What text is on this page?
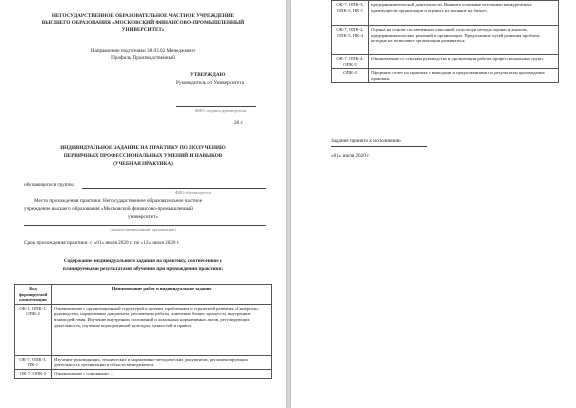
НЕГОСУДАРСТВЕННОЕ ОБРАЗОВАТЕЛЬНОЕ ЧАСТНОЕ УЧРЕЖДЕНИЕ
ВЫСШЕГО ОБРАЗОВАНИЯ «МОСКОВСКИЙ ФИНАНСОВО-ПРОМЫШЛЕННЫЙ
УНИВЕРСИТЕТ»
Направление подготовки 38.03.02 Менеджмент
Профиль Производственный
УТВЕРЖДАЮ
Руководитель от Университета
ФИО, подпись руководителя
20 г.
ИНДИВИДУАЛЬНОЕ ЗАДАНИЕ НА ПРАКТИКУ ПО ПОЛУЧЕНИЮ
ПЕРВИЧНЫХ ПРОФЕССИОНАЛЬНЫХ УМЕНИЙ И НАВЫКОВ
(УЧЕБНАЯ ПРАКТИКА)
обучающегося группы
ФИО обучающегося
Место прохождения практики: Негосударственное образовательное частное
учреждение высшего образования «Московский финансово-промышленный
университет»
(полное наименование организации)
Срок прохождения практики: с «01» июля 2020 г. по «12» июля 2020 г.
Содержание индивидуального задания на практику, соотнесенное с
планируемыми результатами обучения при прохождении практики:
Код формируемой компетенции	Наименование работ и индивидуальное задание
ОК-1, ОПК-1, ОПК-2	Ознакомление с организационной структурой и целями, проблемами и стратегией развития «Синергия», руководство, нормативные документы, регламенты работы, ключевые бизнес-процессы, внутренние взаимодействия. Изучение внутренних положений и локальных нормативных актов, регулирующих деятельность, изучение корпоративной культуры, ценностей и правил.
ОК-7, ОПК-3, ПК-1	Изучение руководящих, технических и нормативно-методических документов, регламентирующих деятельность организации в области менеджмента.
ОК-7, ОПК-3	Ознакомление с основными ...
ОК-7, ОПК-3, ОПК-5, ПК-1	предпринимательской деятельности. Выявить основные источники конкурентных преимуществ организации и оценить их влияние на бизнес.
ОК-7, ОПК-2, ОПК-5, ПК-4	Оценка на основе составленных описаний, используя методы оценки и анализа, предпринимательских решений в организации. Предложение путей решения проблем, которые не позволяют организации развиваться.
ОК-7, ОПК-4, ОПК-5	Ознакомление со стилями руководства и организации работы профессиональных групп.
ОПК-4	Оформить отчет по практике с выводами и предложениями по результатам прохождения практики.
Задание принято к исполнению
«01» июля 2020 г.
